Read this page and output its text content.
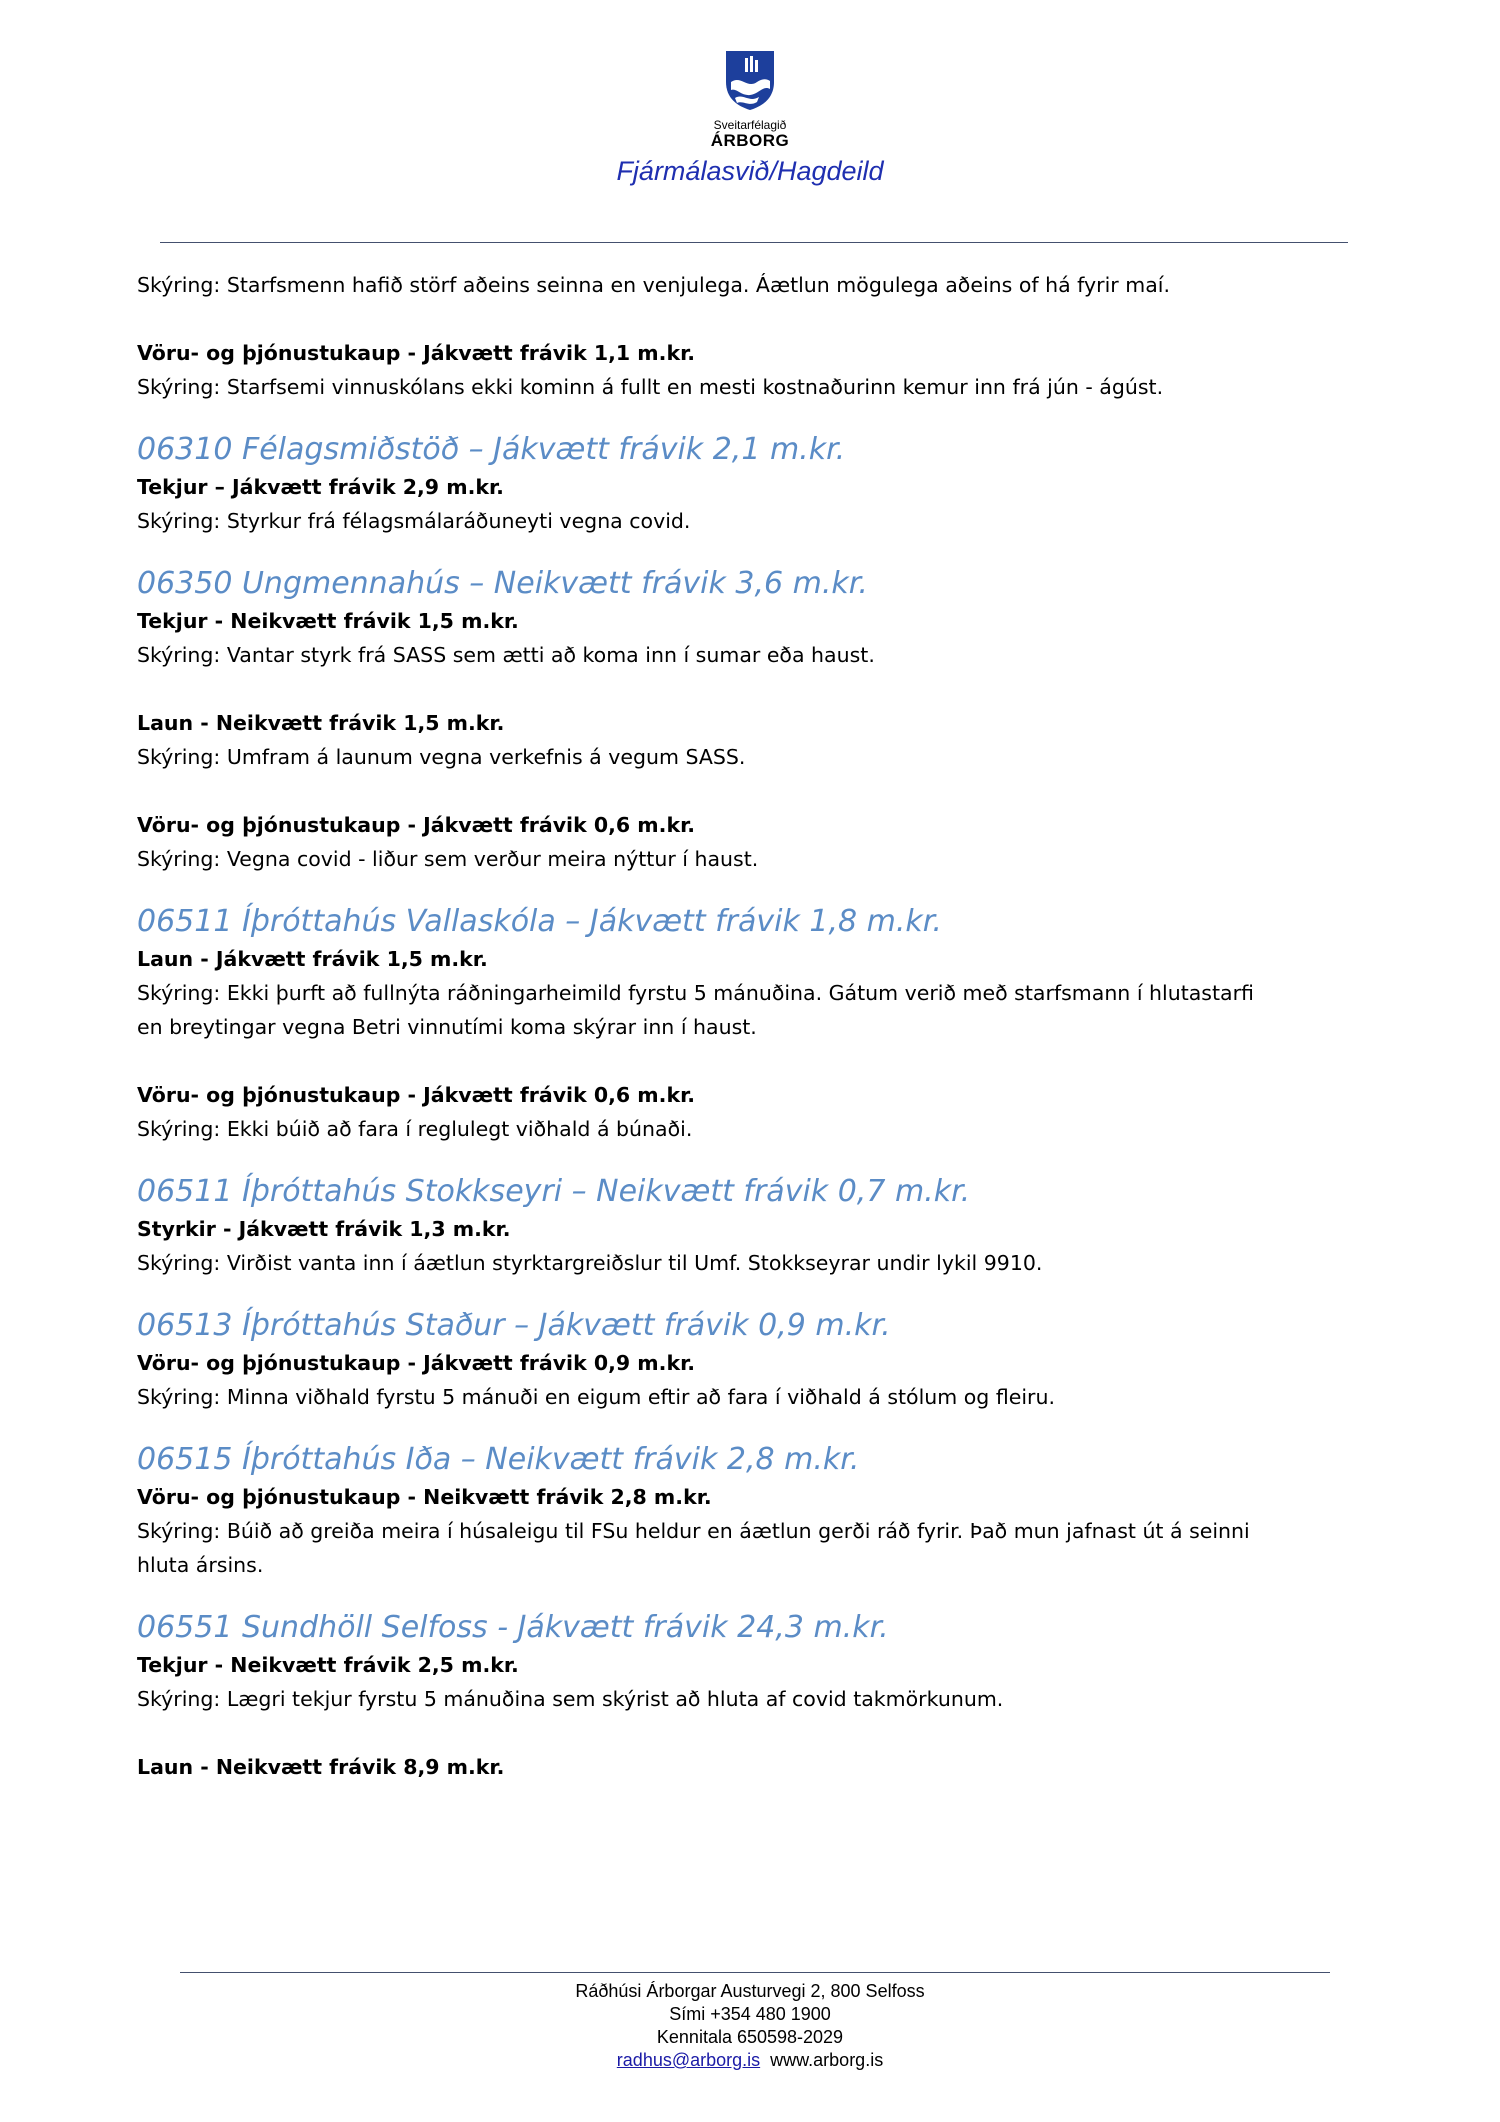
Sveitarfélagið
ÁRBORG
Fjármálasvið/Hagdeild
Skýring: Starfsmenn hafið störf aðeins seinna en venjulega. Áætlun mögulega aðeins of há fyrir maí.
Vöru- og þjónustukaup - Jákvætt frávik 1,1 m.kr.
Skýring: Starfsemi vinnuskólans ekki kominn á fullt en mesti kostnaðurinn kemur inn frá jún - ágúst.
06310 Félagsmiðstöð – Jákvætt frávik 2,1 m.kr.
Tekjur – Jákvætt frávik 2,9 m.kr.
Skýring: Styrkur frá félagsmálaráðuneyti vegna covid.
06350 Ungmennahús – Neikvætt frávik 3,6 m.kr.
Tekjur - Neikvætt frávik 1,5 m.kr.
Skýring: Vantar styrk frá SASS sem ætti að koma inn í sumar eða haust.
Laun - Neikvætt frávik 1,5 m.kr.
Skýring: Umfram á launum vegna verkefnis á vegum SASS.
Vöru- og þjónustukaup - Jákvætt frávik 0,6 m.kr.
Skýring: Vegna covid - liður sem verður meira nýttur í haust.
06511 Íþróttahús Vallaskóla – Jákvætt frávik 1,8 m.kr.
Laun - Jákvætt frávik 1,5 m.kr.
Skýring: Ekki þurft að fullnýta ráðningarheimild fyrstu 5 mánuðina. Gátum verið með starfsmann í hlutastarfi
en breytingar vegna Betri vinnutími koma skýrar inn í haust.
Vöru- og þjónustukaup - Jákvætt frávik 0,6 m.kr.
Skýring: Ekki búið að fara í reglulegt viðhald á búnaði.
06511 Íþróttahús Stokkseyri – Neikvætt frávik 0,7 m.kr.
Styrkir - Jákvætt frávik 1,3 m.kr.
Skýring: Virðist vanta inn í áætlun styrktargreiðslur til Umf. Stokkseyrar undir lykil 9910.
06513 Íþróttahús Staður – Jákvætt frávik 0,9 m.kr.
Vöru- og þjónustukaup - Jákvætt frávik 0,9 m.kr.
Skýring: Minna viðhald fyrstu 5 mánuði en eigum eftir að fara í viðhald á stólum og fleiru.
06515 Íþróttahús Iða – Neikvætt frávik 2,8 m.kr.
Vöru- og þjónustukaup - Neikvætt frávik 2,8 m.kr.
Skýring: Búið að greiða meira í húsaleigu til FSu heldur en áætlun gerði ráð fyrir. Það mun jafnast út á seinni
hluta ársins.
06551 Sundhöll Selfoss - Jákvætt frávik 24,3 m.kr.
Tekjur - Neikvætt frávik 2,5 m.kr.
Skýring: Lægri tekjur fyrstu 5 mánuðina sem skýrist að hluta af covid takmörkunum.
Laun - Neikvætt frávik 8,9 m.kr.
Ráðhúsi Árborgar Austurvegi 2, 800 Selfoss
Sími +354 480 1900
Kennitala 650598-2029
radhus@arborg.is www.arborg.is
